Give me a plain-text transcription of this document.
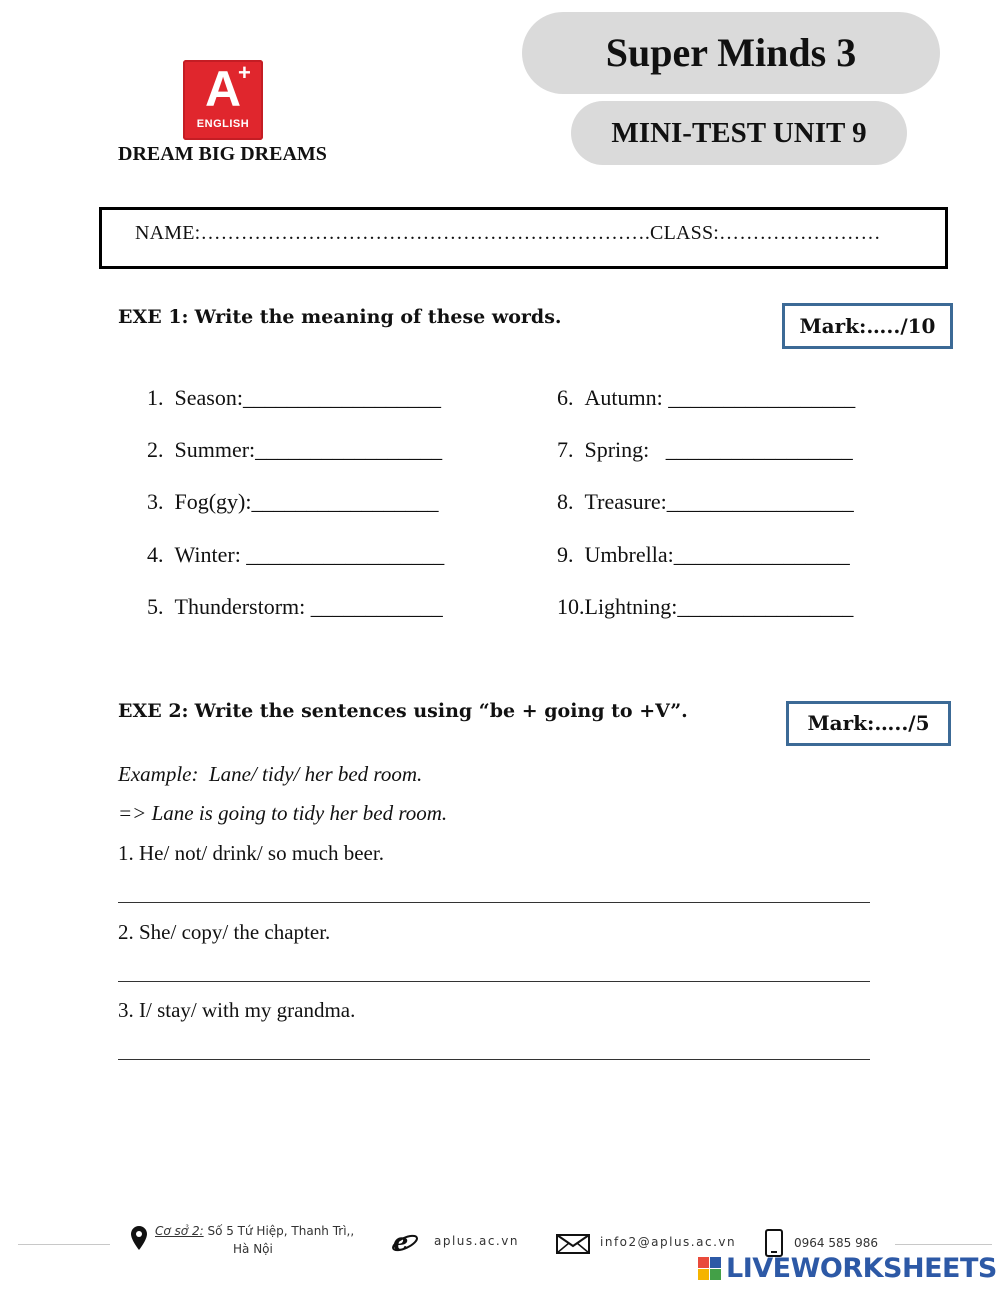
A
+
ENGLISH
DREAM BIG DREAMS
Super Minds 3
MINI-TEST UNIT 9
NAME:………………………………………………………….CLASS:……………………
EXE 1: Write the meaning of these words.	Mark:…../10
1.  Season:__________________
2.  Summer:_________________
3.  Fog(gy):_________________
4.  Winter: __________________
5.  Thunderstorm: ____________
6.  Autumn: _________________
7.  Spring:   _________________
8.  Treasure:_________________
9.  Umbrella:________________
10.Lightning:________________
EXE 2: Write the sentences using “be + going to +V”.	Mark:…../5
Example:  Lane/ tidy/ her bed room.
=> Lane is going to tidy her bed room.
1. He/ not/ drink/ so much beer.
2. She/ copy/ the chapter.
3. I/ stay/ with my grandma.
Cơ sở 2: Số 5 Tứ Hiệp, Thanh Trì,,
Hà Nội	e aplus.ac.vn	info2@aplus.ac.vn	0964 585 986
LIVEWORKSHEETS
